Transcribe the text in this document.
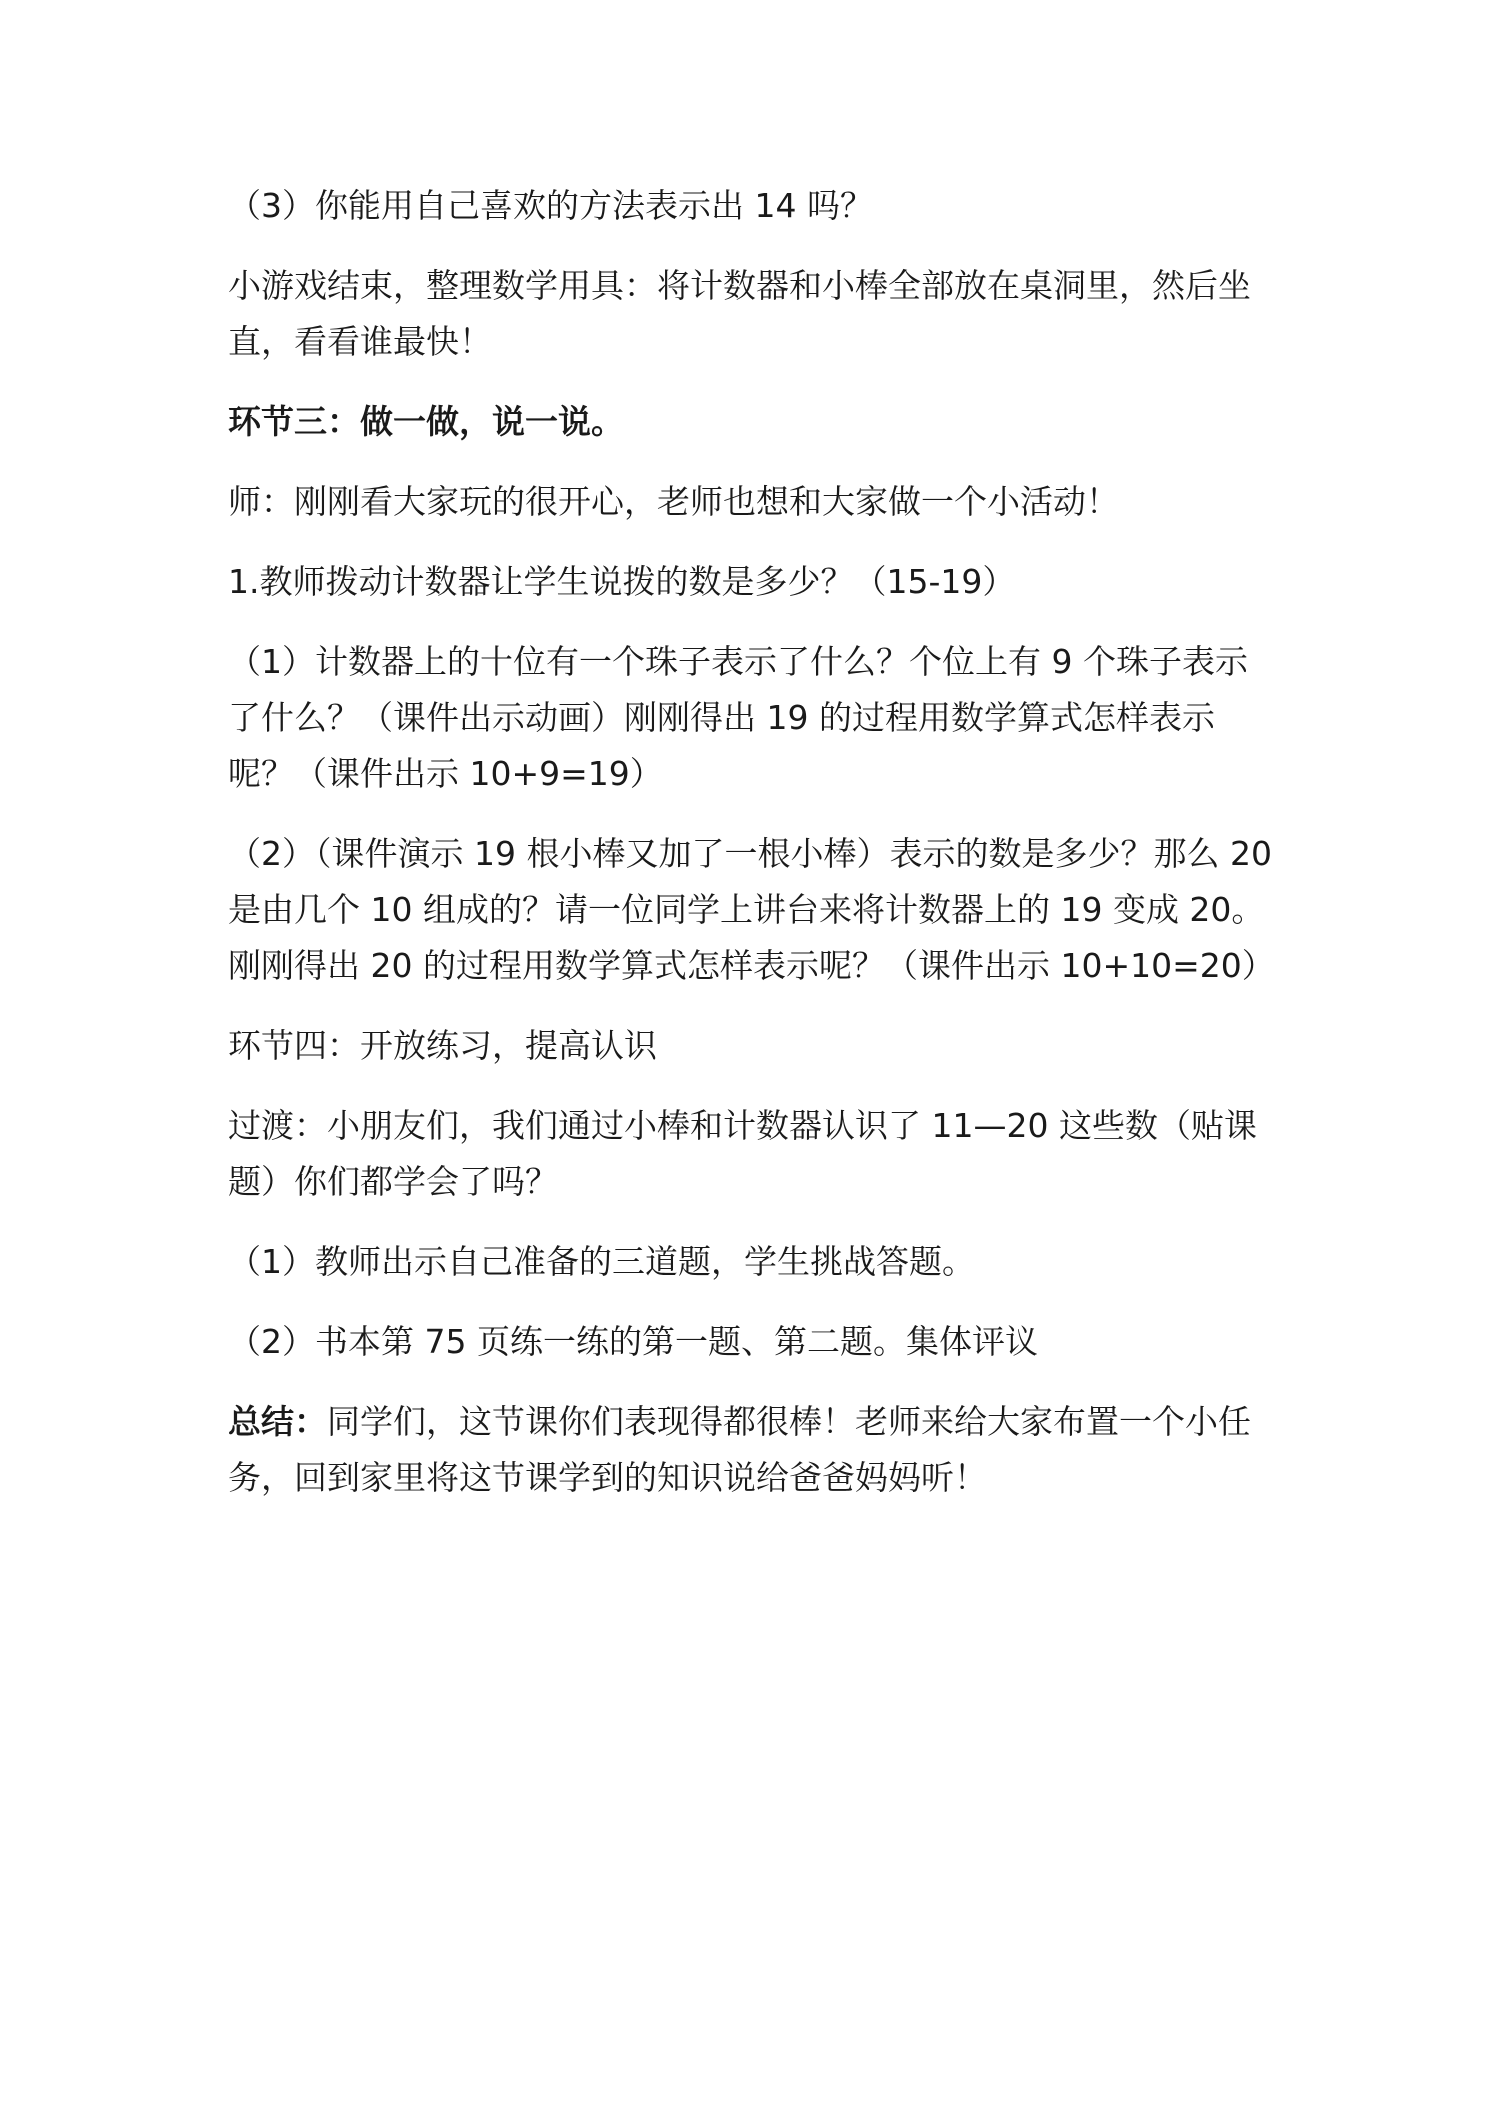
（3）你能用自己喜欢的方法表示出 14 吗？

小游戏结束，整理数学用具：将计数器和小棒全部放在桌洞里，然后坐直，看看谁最快！

环节三：做一做，说一说。

师：刚刚看大家玩的很开心，老师也想和大家做一个小活动！

1.教师拨动计数器让学生说拨的数是多少？（15-19）

（1）计数器上的十位有一个珠子表示了什么？个位上有 9 个珠子表示了什么？（课件出示动画）刚刚得出 19 的过程用数学算式怎样表示呢？（课件出示 10+9=19）

（2）（课件演示 19 根小棒又加了一根小棒）表示的数是多少？那么 20 是由几个 10 组成的？请一位同学上讲台来将计数器上的 19 变成 20。刚刚得出 20 的过程用数学算式怎样表示呢？（课件出示 10+10=20）

环节四：开放练习，提高认识

过渡：小朋友们，我们通过小棒和计数器认识了 11—20 这些数（贴课题）你们都学会了吗？

（1）教师出示自己准备的三道题，学生挑战答题。

（2）书本第 75 页练一练的第一题、第二题。集体评议

总结：同学们，这节课你们表现得都很棒！老师来给大家布置一个小任务，回到家里将这节课学到的知识说给爸爸妈妈听！
